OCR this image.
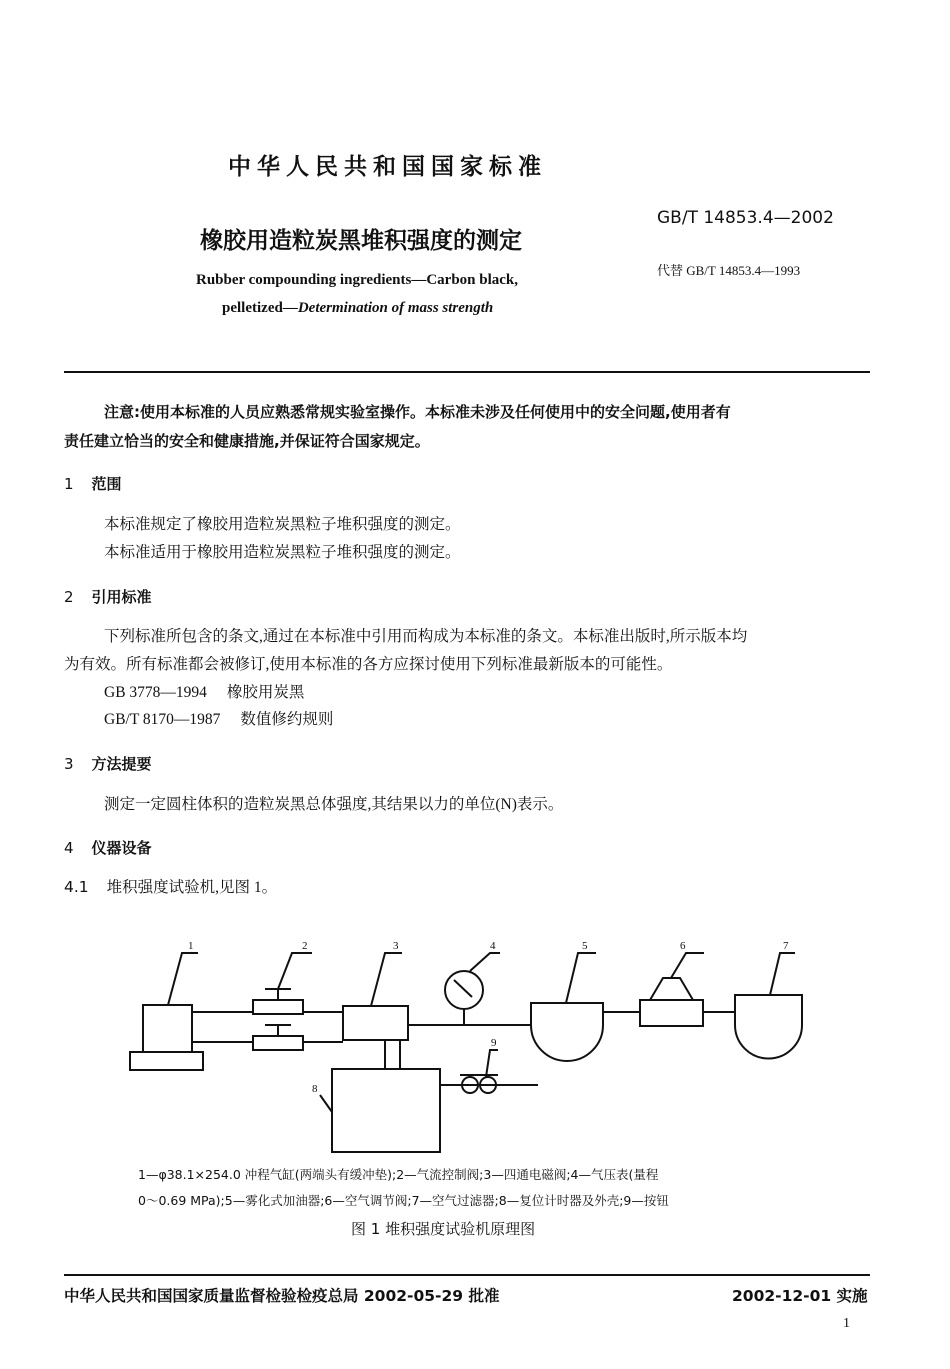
中华人民共和国国家标准
橡胶用造粒炭黑堆积强度的测定
Rubber compounding ingredients—Carbon black,
pelletized—Determination of mass strength
GB/T 14853.4—2002
代替 GB/T 14853.4—1993
注意:使用本标准的人员应熟悉常规实验室操作。本标准未涉及任何使用中的安全问题,使用者有
责任建立恰当的安全和健康措施,并保证符合国家规定。
1 范围
本标准规定了橡胶用造粒炭黑粒子堆积强度的测定。
本标准适用于橡胶用造粒炭黑粒子堆积强度的测定。
2 引用标准
下列标准所包含的条文,通过在本标准中引用而构成为本标准的条文。本标准出版时,所示版本均
为有效。所有标准都会被修订,使用本标准的各方应探讨使用下列标准最新版本的可能性。
GB 3778—1994 橡胶用炭黑
GB/T 8170—1987 数值修约规则
3 方法提要
测定一定圆柱体积的造粒炭黑总体强度,其结果以力的单位(N)表示。
4 仪器设备
4.1 堆积强度试验机,见图 1。
1	2	3	4	5	6	7
8
9
1—φ38.1×254.0 冲程气缸(两端头有缓冲垫);2—气流控制阀;3—四通电磁阀;4—气压表(量程
0～0.69 MPa);5—雾化式加油器;6—空气调节阀;7—空气过滤器;8—复位计时器及外壳;9—按钮
图 1 堆积强度试验机原理图
中华人民共和国国家质量监督检验检疫总局 2002-05-29 批准	2002-12-01 实施
1
